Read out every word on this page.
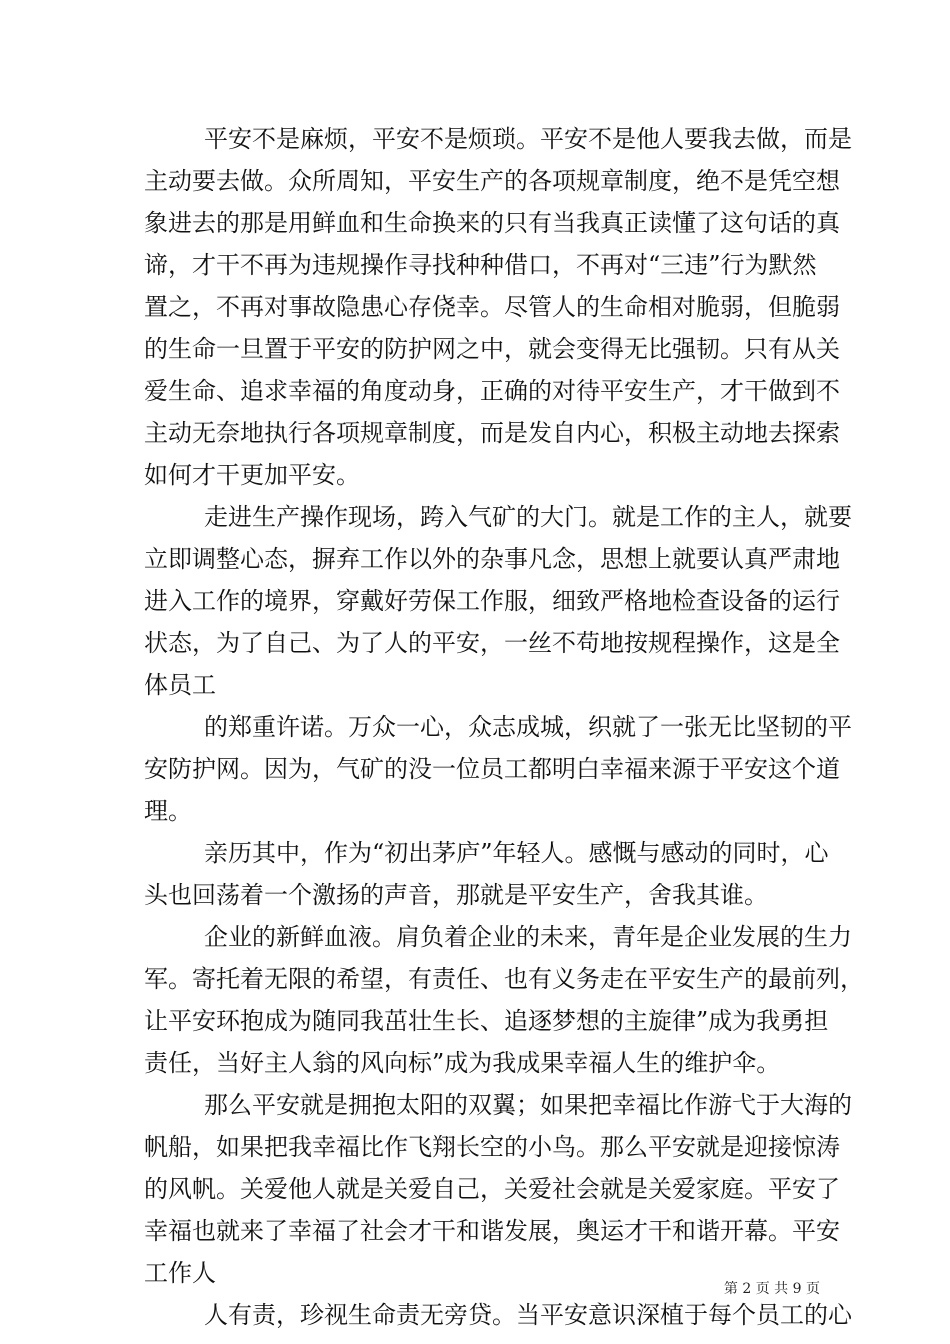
平安不是麻烦，平安不是烦琐。平安不是他人要我去做，而是
主动要去做。众所周知，平安生产的各项规章制度，绝不是凭空想
象进去的那是用鲜血和生命换来的只有当我真正读懂了这句话的真
谛，才干不再为违规操作寻找种种借口，不再对“三违”行为默然
置之，不再对事故隐患心存侥幸。尽管人的生命相对脆弱，但脆弱
的生命一旦置于平安的防护网之中，就会变得无比强韧。只有从关
爱生命、追求幸福的角度动身，正确的对待平安生产，才干做到不
主动无奈地执行各项规章制度，而是发自内心，积极主动地去探索
如何才干更加平安。
走进生产操作现场，跨入气矿的大门。就是工作的主人，就要
立即调整心态，摒弃工作以外的杂事凡念，思想上就要认真严肃地
进入工作的境界，穿戴好劳保工作服，细致严格地检查设备的运行
状态，为了自己、为了人的平安，一丝不苟地按规程操作，这是全
体员工
的郑重许诺。万众一心，众志成城，织就了一张无比坚韧的平
安防护网。因为，气矿的没一位员工都明白幸福来源于平安这个道
理。
亲历其中，作为“初出茅庐”年轻人。感慨与感动的同时，心
头也回荡着一个激扬的声音，那就是平安生产，舍我其谁。
企业的新鲜血液。肩负着企业的未来，青年是企业发展的生力
军。寄托着无限的希望，有责任、也有义务走在平安生产的最前列，
让平安环抱成为随同我茁壮生长、追逐梦想的主旋律”成为我勇担
责任，当好主人翁的风向标”成为我成果幸福人生的维护伞。
那么平安就是拥抱太阳的双翼；如果把幸福比作游弋于大海的
帆船，如果把我幸福比作飞翔长空的小鸟。那么平安就是迎接惊涛
的风帆。关爱他人就是关爱自己，关爱社会就是关爱家庭。平安了
幸福也就来了幸福了社会才干和谐发展，奥运才干和谐开幕。平安
工作人
人有责，珍视生命责无旁贷。当平安意识深植于每个员工的心
第 2 页 共 9 页
